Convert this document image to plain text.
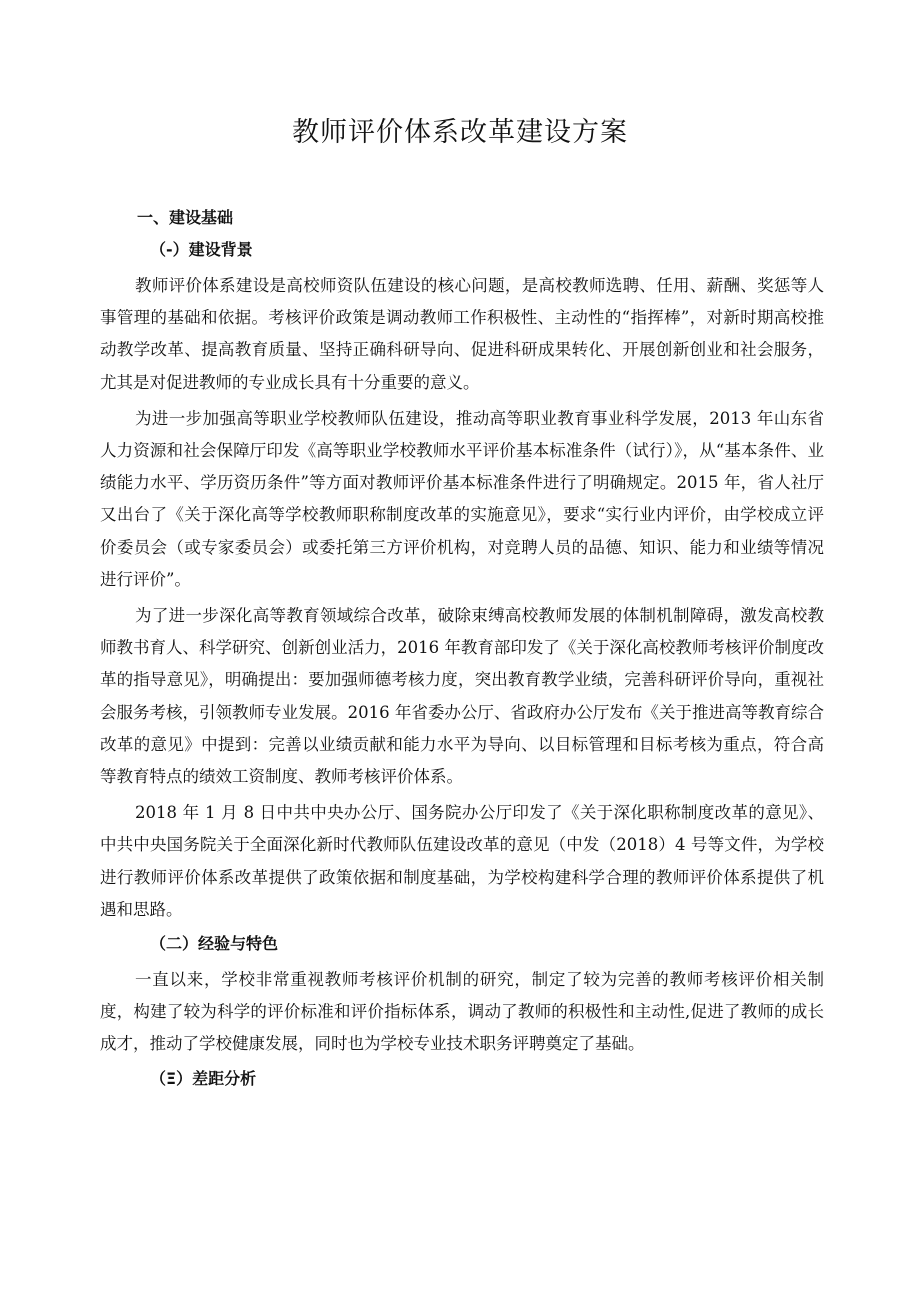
教师评价体系改革建设方案
一、建设基础
（-）建设背景

教师评价体系建设是高校师资队伍建设的核心问题，是高校教师选聘、任用、薪酬、奖惩等人事管理的基础和依据。考核评价政策是调动教师工作积极性、主动性的“指挥棒”，对新时期高校推动教学改革、提高教育质量、坚持正确科研导向、促进科研成果转化、开展创新创业和社会服务，尤其是对促进教师的专业成长具有十分重要的意义。

为进一步加强高等职业学校教师队伍建设，推动高等职业教育事业科学发展，2013 年山东省人力资源和社会保障厅印发《高等职业学校教师水平评价基本标准条件（试行）》，从“基本条件、业绩能力水平、学历资历条件”等方面对教师评价基本标准条件进行了明确规定。2015 年，省人社厅又出台了《关于深化高等学校教师职称制度改革的实施意见》，要求“实行业内评价，由学校成立评价委员会（或专家委员会）或委托第三方评价机构，对竞聘人员的品德、知识、能力和业绩等情况进行评价”。

为了进一步深化高等教育领域综合改革，破除束缚高校教师发展的体制机制障碍，激发高校教师教书育人、科学研究、创新创业活力，2016 年教育部印发了《关于深化高校教师考核评价制度改革的指导意见》，明确提出：要加强师德考核力度，突出教育教学业绩，完善科研评价导向，重视社会服务考核，引领教师专业发展。2016 年省委办公厅、省政府办公厅发布《关于推进高等教育综合改革的意见》中提到：完善以业绩贡献和能力水平为导向、以目标管理和目标考核为重点，符合高等教育特点的绩效工资制度、教师考核评价体系。

2018 年 1 月 8 日中共中央办公厅、国务院办公厅印发了《关于深化职称制度改革的意见》、中共中央国务院关于全面深化新时代教师队伍建设改革的意见（中发（2018）4 号等文件，为学校进行教师评价体系改革提供了政策依据和制度基础，为学校构建科学合理的教师评价体系提供了机遇和思路。

（二）经验与特色

一直以来，学校非常重视教师考核评价机制的研究，制定了较为完善的教师考核评价相关制度，构建了较为科学的评价标准和评价指标体系，调动了教师的积极性和主动性,促进了教师的成长成才，推动了学校健康发展，同时也为学校专业技术职务评聘奠定了基础。

（Ξ）差距分析
